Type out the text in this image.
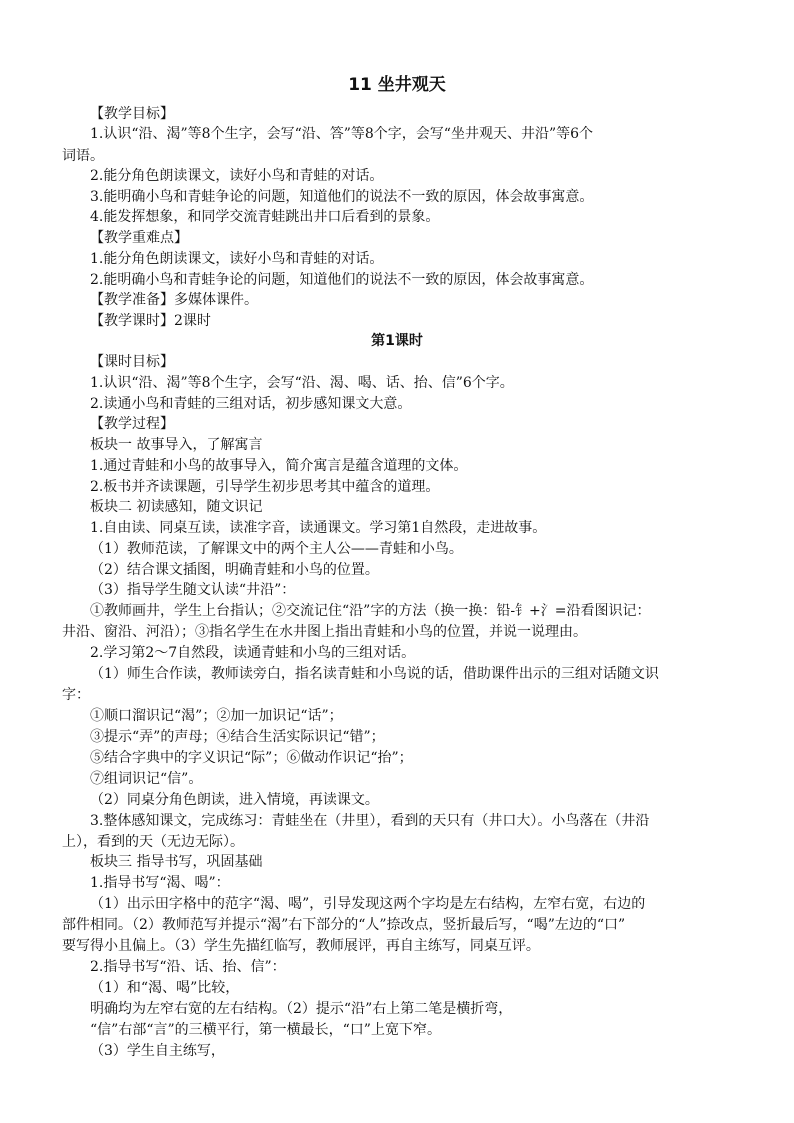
11 坐井观天
【教学目标】
1.认识“沿、渴”等8个生字，会写“沿、答”等8个字，会写“坐井观天、井沿”等6个
词语。
2.能分角色朗读课文，读好小鸟和青蛙的对话。
3.能明确小鸟和青蛙争论的问题，知道他们的说法不一致的原因，体会故事寓意。
4.能发挥想象，和同学交流青蛙跳出井口后看到的景象。
【教学重难点】
1.能分角色朗读课文，读好小鸟和青蛙的对话。
2.能明确小鸟和青蛙争论的问题，知道他们的说法不一致的原因，体会故事寓意。
【教学准备】多媒体课件。
【教学课时】2课时
第1课时
【课时目标】
1.认识“沿、渴”等8个生字，会写“沿、渴、喝、话、抬、信”6个字。
2.读通小鸟和青蛙的三组对话，初步感知课文大意。
【教学过程】
板块一 故事导入，了解寓言
1.通过青蛙和小鸟的故事导入，简介寓言是蕴含道理的文体。
2.板书并齐读课题，引导学生初步思考其中蕴含的道理。
板块二 初读感知，随文识记
1.自由读、同桌互读，读准字音，读通课文。学习第1自然段，走进故事。
（1）教师范读，了解课文中的两个主人公——青蛙和小鸟。
（2）结合课文插图，明确青蛙和小鸟的位置。
（3）指导学生随文认读“井沿”：
①教师画井，学生上台指认；②交流记住“沿”字的方法（换一换：铅-钅+氵=沿看图识记：
井沿、窗沿、河沿）；③指名学生在水井图上指出青蛙和小鸟的位置，并说一说理由。
2.学习第2～7自然段，读通青蛙和小鸟的三组对话。
（1）师生合作读，教师读旁白，指名读青蛙和小鸟说的话，借助课件出示的三组对话随文识
字：
①顺口溜识记“渴”；②加一加识记“话”；
③提示“弄”的声母；④结合生活实际识记“错”；
⑤结合字典中的字义识记“际”；⑥做动作识记“抬”；
⑦组词识记“信”。
（2）同桌分角色朗读，进入情境，再读课文。
3.整体感知课文，完成练习：青蛙坐在（井里），看到的天只有（井口大）。小鸟落在（井沿
上），看到的天（无边无际）。
板块三 指导书写，巩固基础
1.指导书写“渴、喝”：
（1）出示田字格中的范字“渴、喝”，引导发现这两个字均是左右结构，左窄右宽，右边的
部件相同。（2）教师范写并提示“渴”右下部分的“人”捺改点，竖折最后写，“喝”左边的“口”
要写得小且偏上。（3）学生先描红临写，教师展评，再自主练写，同桌互评。
2.指导书写“沿、话、抬、信”：
（1）和“渴、喝”比较，
明确均为左窄右宽的左右结构。（2）提示“沿”右上第二笔是横折弯，
“信”右部“言”的三横平行，第一横最长，“口”上宽下窄。
（3）学生自主练写，
